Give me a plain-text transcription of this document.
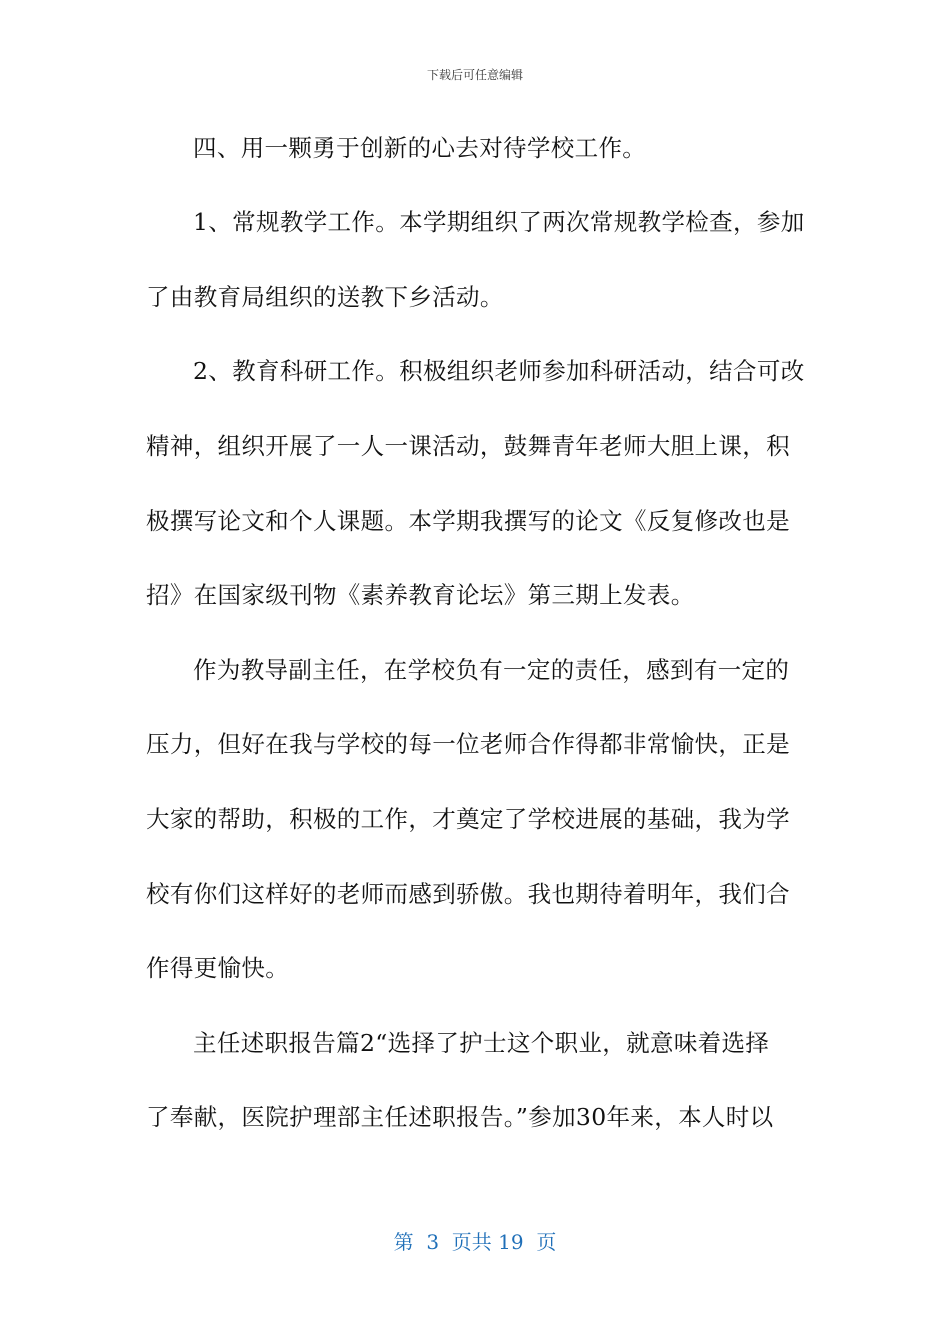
下载后可任意编辑
四、用一颗勇于创新的心去对待学校工作。
1、常规教学工作。本学期组织了两次常规教学检查，参加
了由教育局组织的送教下乡活动。
2、教育科研工作。积极组织老师参加科研活动，结合可改
精神，组织开展了一人一课活动，鼓舞青年老师大胆上课，积
极撰写论文和个人课题。本学期我撰写的论文《反复修改也是
招》在国家级刊物《素养教育论坛》第三期上发表。
作为教导副主任，在学校负有一定的责任，感到有一定的
压力，但好在我与学校的每一位老师合作得都非常愉快，正是
大家的帮助，积极的工作，才奠定了学校进展的基础，我为学
校有你们这样好的老师而感到骄傲。我也期待着明年，我们合
作得更愉快。
主任述职报告篇2“选择了护士这个职业，就意味着选择
了奉献，医院护理部主任述职报告。”参加30年来，本人时以
第  3  页共 19  页
